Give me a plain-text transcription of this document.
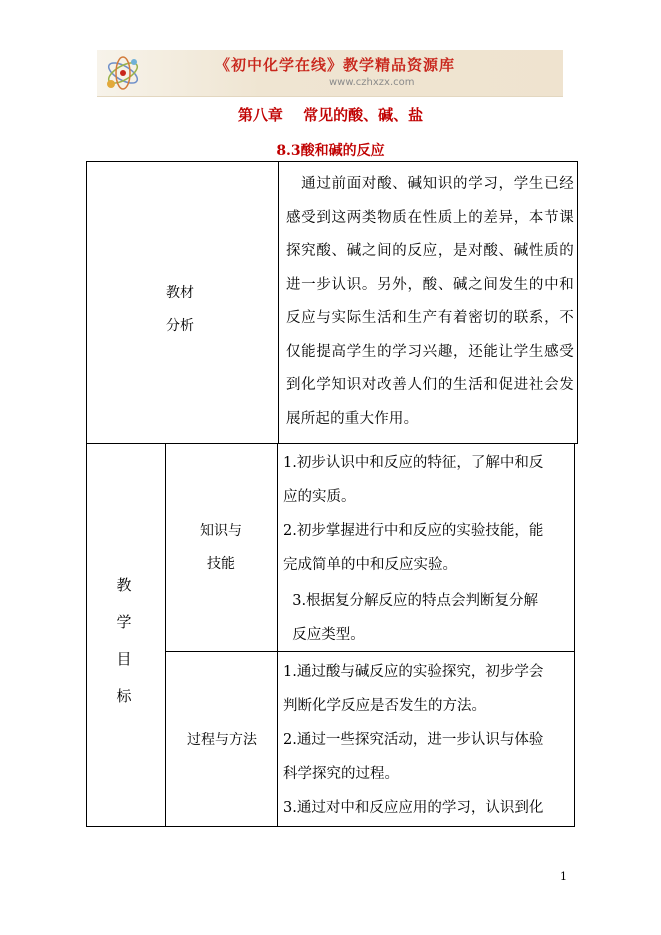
《初中化学在线》教学精品资源库
www.czhxzx.com
第八章　 常见的酸、碱、盐
8.3酸和碱的反应
教材
分析
　通过前面对酸、碱知识的学习，学生已经感受到这两类物质在性质上的差异，本节课探究酸、碱之间的反应，是对酸、碱性质的进一步认识。另外，酸、碱之间发生的中和反应与实际生活和生产有着密切的联系，不仅能提高学生的学习兴趣，还能让学生感受到化学知识对改善人们的生活和促进社会发展所起的重大作用。
教
学
目
标
知识与
技能
1.初步认识中和反应的特征，了解中和反
应的实质。
2.初步掌握进行中和反应的实验技能，能
完成简单的中和反应实验。
3.根据复分解反应的特点会判断复分解
反应类型。
过程与方法
1.通过酸与碱反应的实验探究，初步学会
判断化学反应是否发生的方法。
2.通过一些探究活动，进一步认识与体验
科学探究的过程。
3.通过对中和反应应用的学习，认识到化
1
